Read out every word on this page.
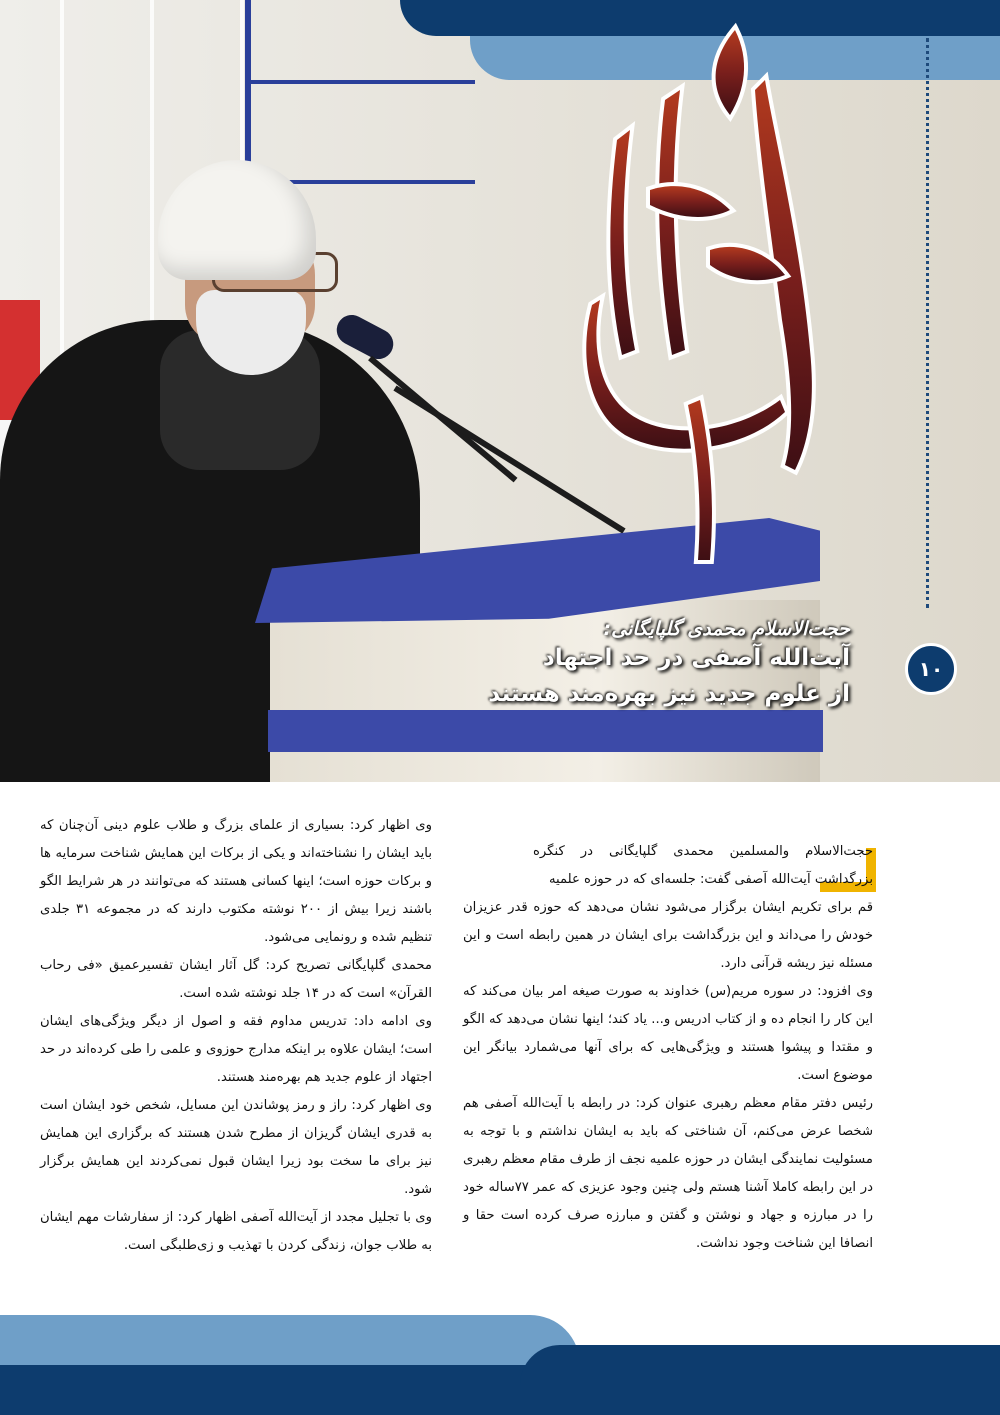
حجت‌الاسلام محمدی گلپایگانی:
آیت‌الله آصفی در حد اجتهاد
از علوم جدید نیز بهره‌مند هستند
۱۰

حجت‌الاسلام والمسلمین محمدی گلپایگانی در کنگره بزرگداشت آیت‌الله آصفی گفت: جلسه‌ای که در حوزه علمیه

قم برای تکریم ایشان برگزار می‌شود نشان می‌دهد که حوزه قدر عزیزان خودش را می‌داند و این بزرگداشت برای ایشان در همین رابطه است و این مسئله نیز ریشه قرآنی دارد.

وی افزود: در سوره مریم(س) خداوند به صورت صیغه امر بیان می‌کند که این کار را انجام ده و از کتاب ادریس و... یاد کند؛ اینها نشان می‌دهد که الگو و مقتدا و پیشوا هستند و ویژگی‌هایی که برای آنها می‌شمارد بیانگر این موضوع است.

رئیس دفتر مقام معظم رهبری عنوان کرد: در رابطه با آیت‌الله آصفی هم شخصا عرض می‌کنم، آن شناختی که باید به ایشان نداشتم و با توجه به مسئولیت نمایندگی ایشان در حوزه علمیه نجف از طرف مقام معظم رهبری در این رابطه کاملا آشنا هستم ولی چنین وجود عزیزی که عمر ۷۷ساله خود را در مبارزه و جهاد و نوشتن و گفتن و مبارزه صرف کرده است حقا و انصافا این شناخت وجود نداشت.

وی اظهار کرد: بسیاری از علمای بزرگ و طلاب علوم دینی آن‌چنان که باید ایشان را نشناخته‌اند و یکی از برکات این همایش شناخت سرمایه ها و برکات حوزه است؛ اینها کسانی هستند که می‌توانند در هر شرایط الگو باشند زیرا بیش از ۲۰۰ نوشته مکتوب دارند که در مجموعه ۳۱ جلدی تنظیم شده و رونمایی می‌شود.

محمدی گلپایگانی تصریح کرد: گل آثار ایشان تفسیرعمیق «فی رحاب القرآن» است که در ۱۴ جلد نوشته شده است.

وی ادامه داد: تدریس مداوم فقه و اصول از دیگر ویژگی‌های ایشان است؛ ایشان علاوه بر اینکه مدارج حوزوی و علمی را طی کرده‌اند در حد اجتهاد از علوم جدید هم بهره‌مند هستند.

وی اظهار کرد: راز و رمز پوشاندن این مسایل، شخص خود ایشان است به قدری ایشان گریزان از مطرح شدن هستند که برگزاری این همایش نیز برای ما سخت بود زیرا ایشان قبول نمی‌کردند این همایش برگزار شود.

وی با تجلیل مجدد از آیت‌الله آصفی اظهار کرد: از سفارشات مهم ایشان به طلاب جوان، زندگی کردن با تهذیب و زی‌طلبگی است.
